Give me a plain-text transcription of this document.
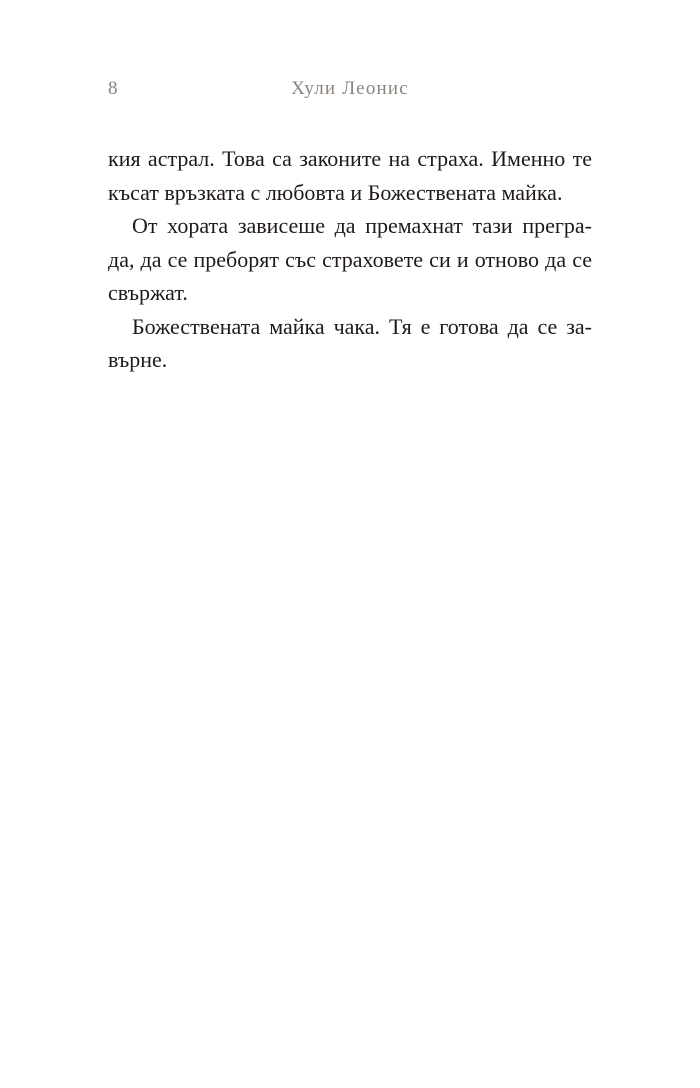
8	Хули Леонис
кия астрал. Това са законите на страха. Именно те
късат връзката с любовта и Божествената майка.
От хората зависеше да премахнат тази прегра-
да, да се преборят със страховете си и отново да се
свържат.
Божествената майка чака. Тя е готова да се за-
върне.
